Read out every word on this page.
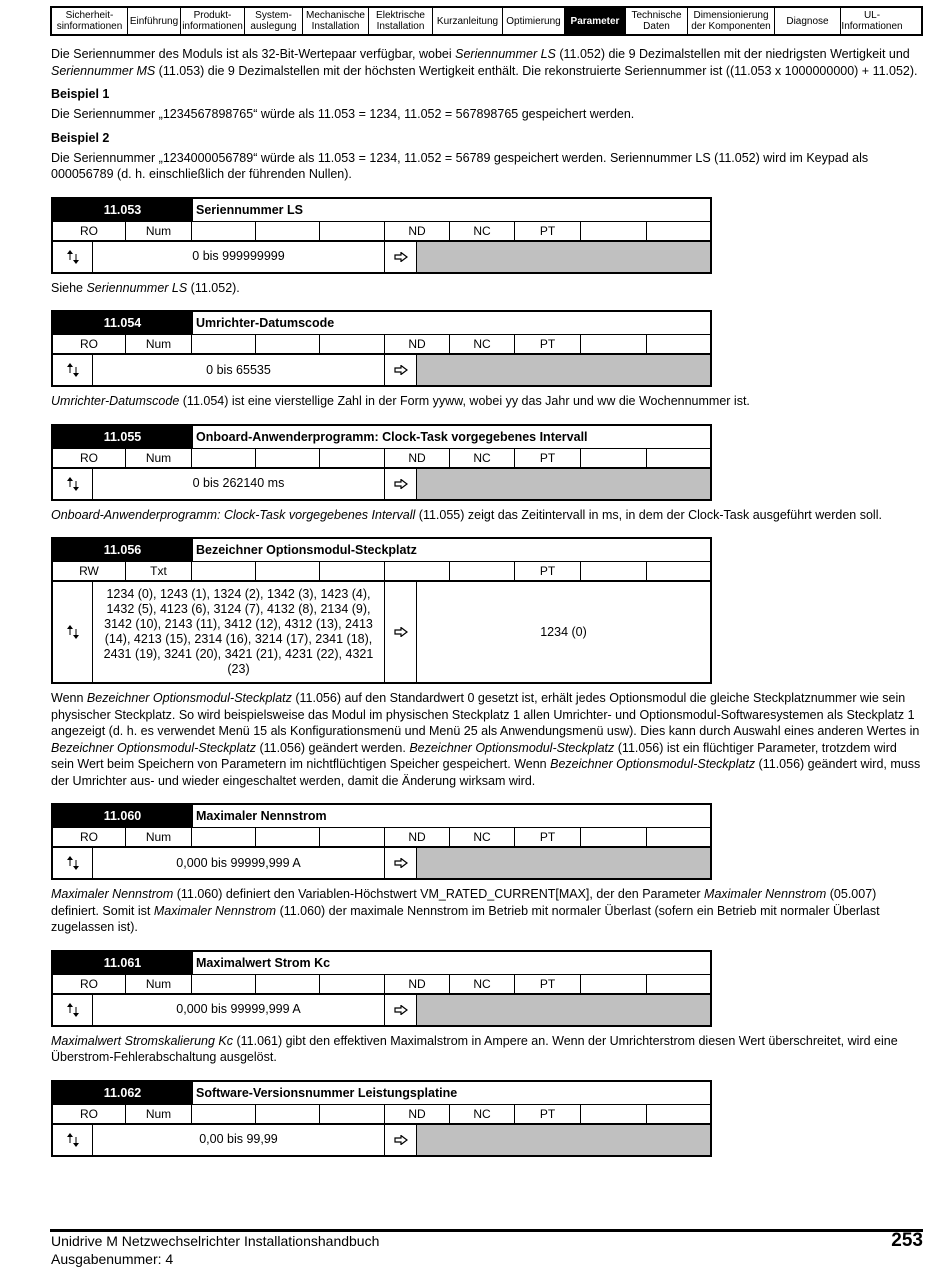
Sicherheit-
sinformationen Einführung	Produkt-
informationen
System-
auslegung
Mechanische
Installation
Elektrische
Installation	Kurzanleitung Optimierung Parameter	Technische
Daten
Dimensionierung
der Komponenten	Diagnose	UL-
Informationen

Die Seriennummer des Moduls ist als 32-Bit-Wertepaar verfügbar, wobei Seriennummer LS (11.052) die 9 Dezimalstellen mit der niedrigsten Wertigkeit und Seriennummer MS (11.053) die 9 Dezimalstellen mit der höchsten Wertigkeit enthält. Die rekonstruierte Seriennummer ist ((11.053 x 1000000000) + 11.052).

Beispiel 1

Die Seriennummer „1234567898765“ würde als 11.053 = 1234, 11.052 = 567898765 gespeichert werden.

Beispiel 2

Die Seriennummer „1234000056789“ würde als 11.053 = 1234, 11.052 = 56789 gespeichert werden. Seriennummer LS (11.052) wird im Keypad als 000056789 (d. h. einschließlich der führenden Nullen).

11.053	Seriennummer LS
RO	Num	ND	NC	PT
0 bis 999999999

Siehe Seriennummer LS (11.052).

11.054	Umrichter-Datumscode
RO	Num	ND	NC	PT
0 bis 65535

Umrichter-Datumscode (11.054) ist eine vierstellige Zahl in der Form yyww, wobei yy das Jahr und ww die Wochennummer ist.

11.055	Onboard-Anwenderprogramm: Clock-Task vorgegebenes Intervall
RO	Num	ND	NC	PT
0 bis 262140 ms

Onboard-Anwenderprogramm: Clock-Task vorgegebenes Intervall (11.055) zeigt das Zeitintervall in ms, in dem der Clock-Task ausgeführt werden soll.

11.056	Bezeichner Optionsmodul-Steckplatz
RW	Txt	PT
1234 (0), 1243 (1), 1324 (2), 1342 (3), 1423 (4), 1432 (5), 4123 (6), 3124 (7), 4132 (8), 2134 (9), 3142 (10), 2143 (11), 3412 (12), 4312 (13), 2413 (14), 4213 (15), 2314 (16), 3214 (17), 2341 (18), 2431 (19), 3241 (20), 3421 (21), 4231 (22), 4321 (23)
1234 (0)

Wenn Bezeichner Optionsmodul-Steckplatz (11.056) auf den Standardwert 0 gesetzt ist, erhält jedes Optionsmodul die gleiche Steckplatznummer wie sein physischer Steckplatz. So wird beispielsweise das Modul im physischen Steckplatz 1 allen Umrichter- und Optionsmodul-Softwaresystemen als Steckplatz 1 angezeigt (d. h. es verwendet Menü 15 als Konfigurationsmenü und Menü 25 als Anwendungsmenü usw). Dies kann durch Auswahl eines anderen Wertes in Bezeichner Optionsmodul-Steckplatz (11.056) geändert werden. Bezeichner Optionsmodul-Steckplatz (11.056) ist ein flüchtiger Parameter, trotzdem wird sein Wert beim Speichern von Parametern im nichtflüchtigen Speicher gespeichert. Wenn Bezeichner Optionsmodul-Steckplatz (11.056) geändert wird, muss der Umrichter aus- und wieder eingeschaltet werden, damit die Änderung wirksam wird.

11.060	Maximaler Nennstrom
RO	Num	ND	NC	PT
0,000 bis 99999,999 A

Maximaler Nennstrom (11.060) definiert den Variablen-Höchstwert VM_RATED_CURRENT[MAX], der den Parameter Maximaler Nennstrom (05.007) definiert. Somit ist Maximaler Nennstrom (11.060) der maximale Nennstrom im Betrieb mit normaler Überlast (sofern ein Betrieb mit normaler Überlast zugelassen ist).

11.061	Maximalwert Strom Kc
RO	Num	ND	NC	PT
0,000 bis 99999,999 A

Maximalwert Stromskalierung Kc (11.061) gibt den effektiven Maximalstrom in Ampere an. Wenn der Umrichterstrom diesen Wert überschreitet, wird eine Überstrom-Fehlerabschaltung ausgelöst.

11.062	Software-Versionsnummer Leistungsplatine
RO	Num	ND	NC	PT
0,00 bis 99,99
Unidrive M Netzwechselrichter Installationshandbuch
Ausgabenummer: 4
253
